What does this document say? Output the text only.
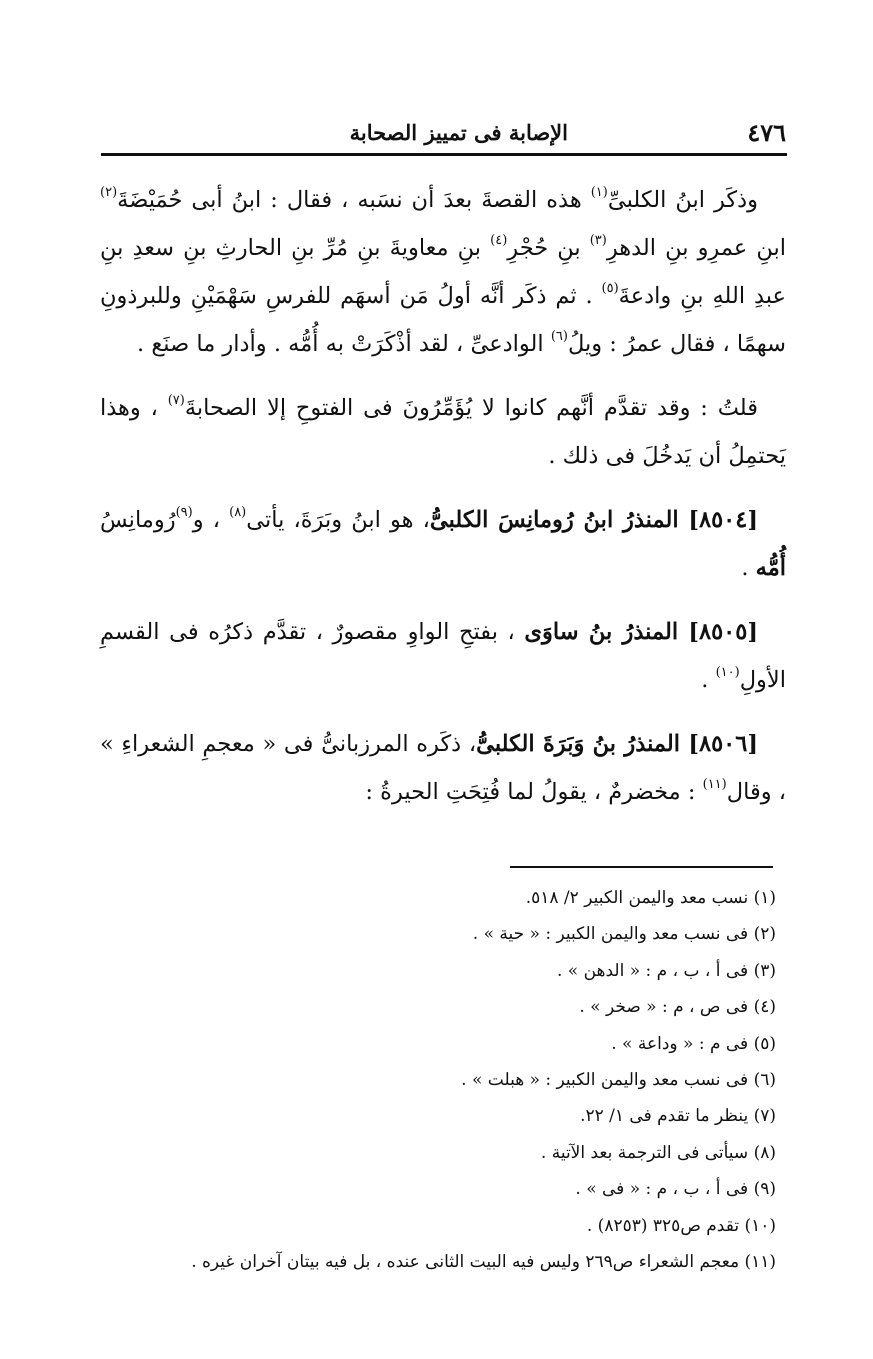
٤٧٦
الإصابة فى تمييز الصحابة

وذكَر ابنُ الكلبىِّ$^{(١)}$ هذه القصةَ بعدَ أن نسَبه ، فقال : ابنُ أبى حُمَيْضَةَ$^{(٢)}$ ابنِ عمرِو بنِ الدهرِ$^{(٣)}$ بنِ حُجْرِ$^{(٤)}$ بنِ معاويةَ بنِ مُرِّ بنِ الحارثِ بنِ سعدِ بنِ عبدِ اللهِ بنِ وادعةَ$^{(٥)}$ . ثم ذكَر أنَّه أولُ مَن أسهَم للفرسِ سَهْمَيْنِ وللبرذونِ سهمًا ، فقال عمرُ : ويلُ$^{(٦)}$ الوادعىِّ ، لقد أذْكَرَتْ به أُمُّه . وأدار ما صنَع .

قلتُ : وقد تقدَّم أنَّهم كانوا لا يُؤَمِّرُونَ فى الفتوحِ إلا الصحابةَ$^{(٧)}$ ، وهذا يَحتمِلُ أن يَدخُلَ فى ذلك .

[٨٥٠٤] المنذرُ ابنُ رُومانِسَ الكلبىُّ، هو ابنُ وبَرَةَ، يأتى$^{(٨)}$ ، و$^{(٩)}$رُومانِسُ أُمُّه .

[٨٥٠٥] المنذرُ بنُ ساوَى ، بفتحِ الواوِ مقصورٌ ، تقدَّم ذكرُه فى القسمِ الأولِ$^{(١٠)}$ .

[٨٥٠٦] المنذرُ بنُ وَبَرَةَ الكلبىُّ، ذكَره المرزبانىُّ فى « معجمِ الشعراءِ » ، وقال$^{(١١)}$ : مخضرمٌ ، يقولُ لما فُتِحَتِ الحيرةُ :

(١) نسب معد واليمن الكبير ٢/ ٥١٨.
(٢) فى نسب معد واليمن الكبير : « حية » .
(٣) فى أ ، ب ، م : « الدهن » .
(٤) فى ص ، م : « صخر » .
(٥) فى م : « وداعة » .
(٦) فى نسب معد واليمن الكبير : « هبلت » .
(٧) ينظر ما تقدم فى ١/ ٢٢.
(٨) سيأتى فى الترجمة بعد الآتية .
(٩) فى أ ، ب ، م : « فى » .
(١٠) تقدم ص٣٢٥ (٨٢٥٣) .
(١١) معجم الشعراء ص٢٦٩ وليس فيه البيت الثانى عنده ، بل فيه بيتان آخران غيره .
